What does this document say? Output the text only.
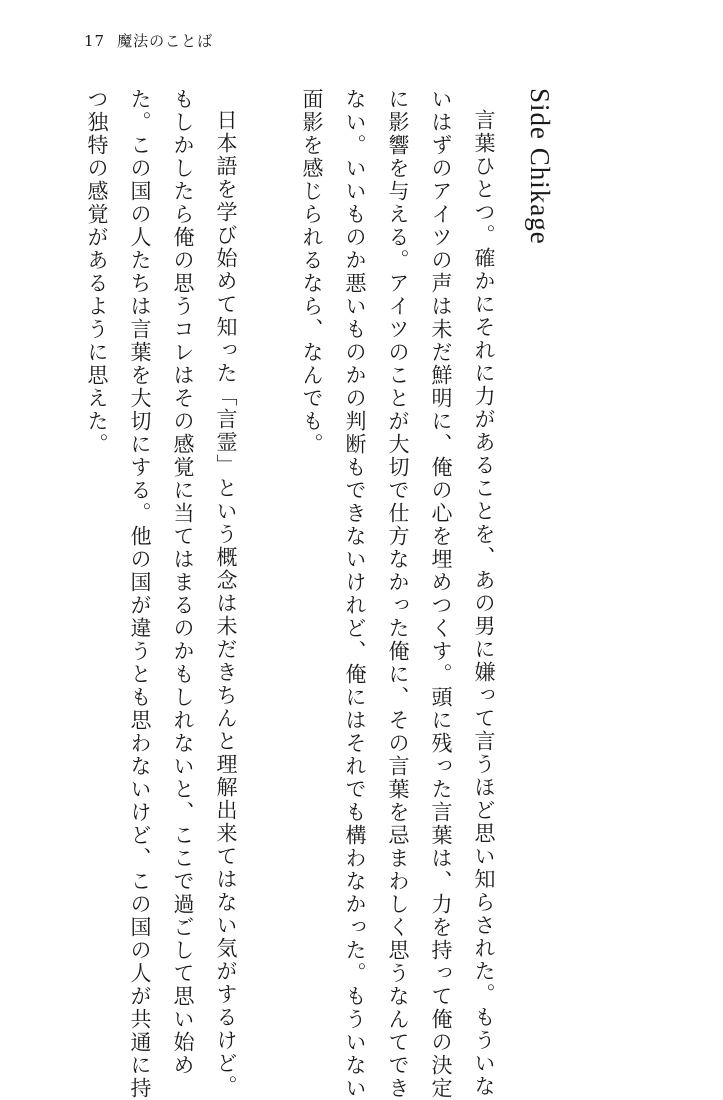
17 魔法のことば
Side Chikage
言葉ひとつ。確かにそれに力があることを、あの男に嫌って言うほど思い知らされた。もういな
いはずのアイツの声は未だ鮮明に、俺の心を埋めつくす。頭に残った言葉は、力を持って俺の決定
に影響を与える。アイツのことが大切で仕方なかった俺に、その言葉を忌まわしく思うなんてでき
ない。いいものか悪いものかの判断もできないけれど、俺にはそれでも構わなかった。もういない
面影を感じられるなら、なんでも。
日本語を学び始めて知った「言霊」という概念は未だきちんと理解出来てはない気がするけど。
もしかしたら俺の思うコレはその感覚に当てはまるのかもしれないと、ここで過ごして思い始め
た。この国の人たちは言葉を大切にする。他の国が違うとも思わないけど、この国の人が共通に持
つ独特の感覚があるように思えた。
